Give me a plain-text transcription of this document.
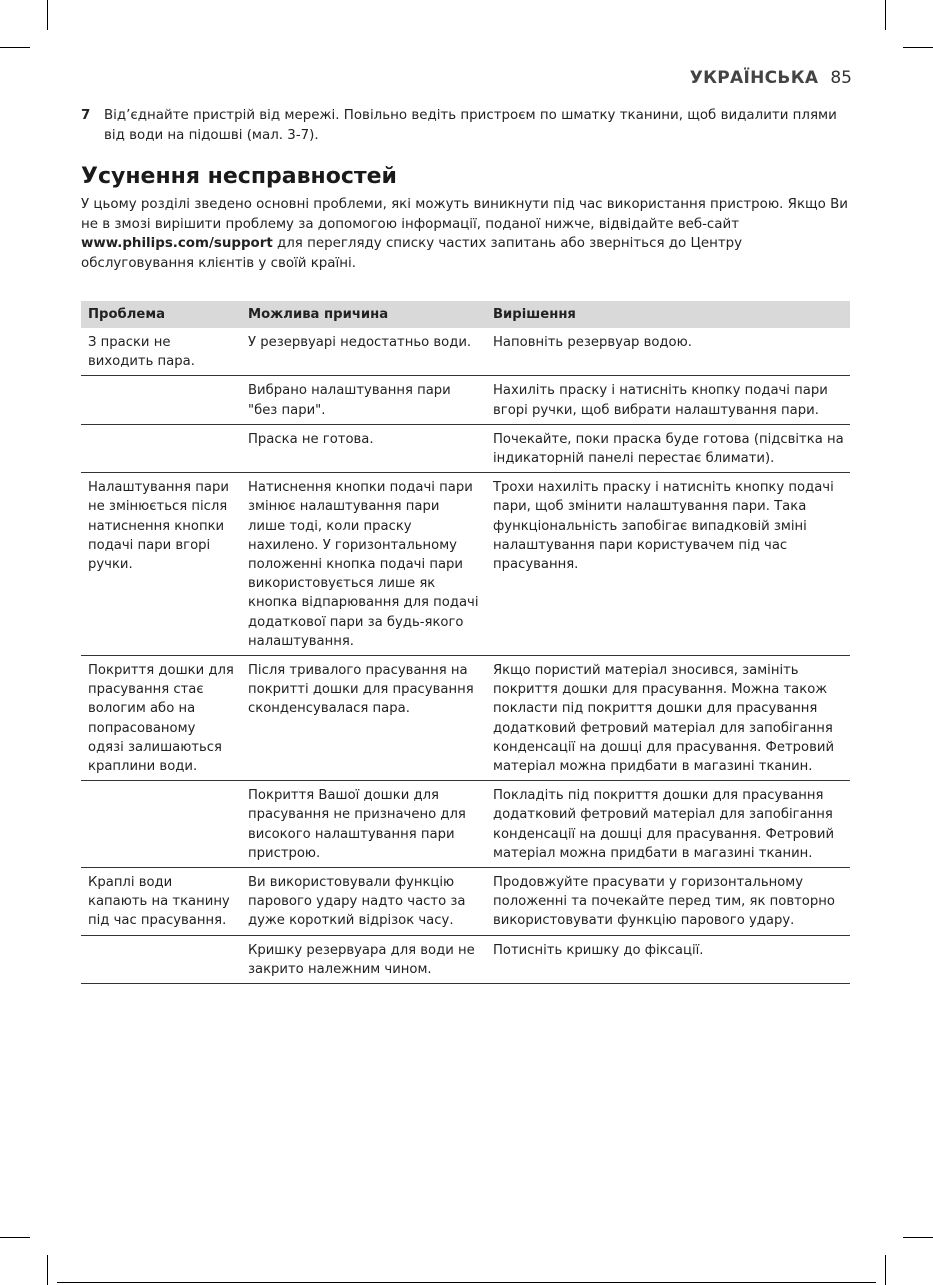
УКРАЇНСЬКА 85
7 Від’єднайте пристрій від мережі. Повільно ведіть пристроєм по шматку тканини, щоб видалити плями від води на підошві (мал. 3-7).
Усунення несправностей

У цьому розділі зведено основні проблеми, які можуть виникнути під час використання пристрою. Якщо Ви не в змозі вирішити проблему за допомогою інформації, поданої нижче, відвідайте веб-сайт

www.philips.com/support для перегляду списку частих запитань або зверніться до Центру обслуговування клієнтів у своїй країні.

Проблема	Можлива причина	Вирішення
З праски не виходить пара.	У резервуарі недостатньо води.	Наповніть резервуар водою.
	Вибрано налаштування пари "без пари".	Нахиліть праску і натисніть кнопку подачі пари вгорі ручки, щоб вибрати налаштування пари.
	Праска не готова.	Почекайте, поки праска буде готова (підсвітка на індикаторній панелі перестає блимати).
Налаштування пари не змінюється після натиснення кнопки подачі пари вгорі ручки.	Натиснення кнопки подачі пари змінює налаштування пари лише тоді, коли праску нахилено. У горизонтальному положенні кнопка подачі пари використовується лише як кнопка відпарювання для подачі додаткової пари за будь-якого налаштування.	Трохи нахиліть праску і натисніть кнопку подачі пари, щоб змінити налаштування пари. Така функціональність запобігає випадковій зміні налаштування пари користувачем під час прасування.
Покриття дошки для прасування стає вологим або на попрасованому одязі залишаються краплини води.	Після тривалого прасування на покритті дошки для прасування сконденсувалася пара.	Якщо пористий матеріал зносився, замініть покриття дошки для прасування. Можна також покласти під покриття дошки для прасування додатковий фетровий матеріал для запобігання конденсації на дошці для прасування. Фетровий матеріал можна придбати в магазині тканин.
	Покриття Вашої дошки для прасування не призначено для високого налаштування пари пристрою.	Покладіть під покриття дошки для прасування додатковий фетровий матеріал для запобігання конденсації на дошці для прасування. Фетровий матеріал можна придбати в магазині тканин.
Краплі води капають на тканину під час прасування.	Ви використовували функцію парового удару надто часто за дуже короткий відрізок часу.	Продовжуйте прасувати у горизонтальному положенні та почекайте перед тим, як повторно використовувати функцію парового удару.
	Кришку резервуара для води не закрито належним чином.	Потисніть кришку до фіксації.
